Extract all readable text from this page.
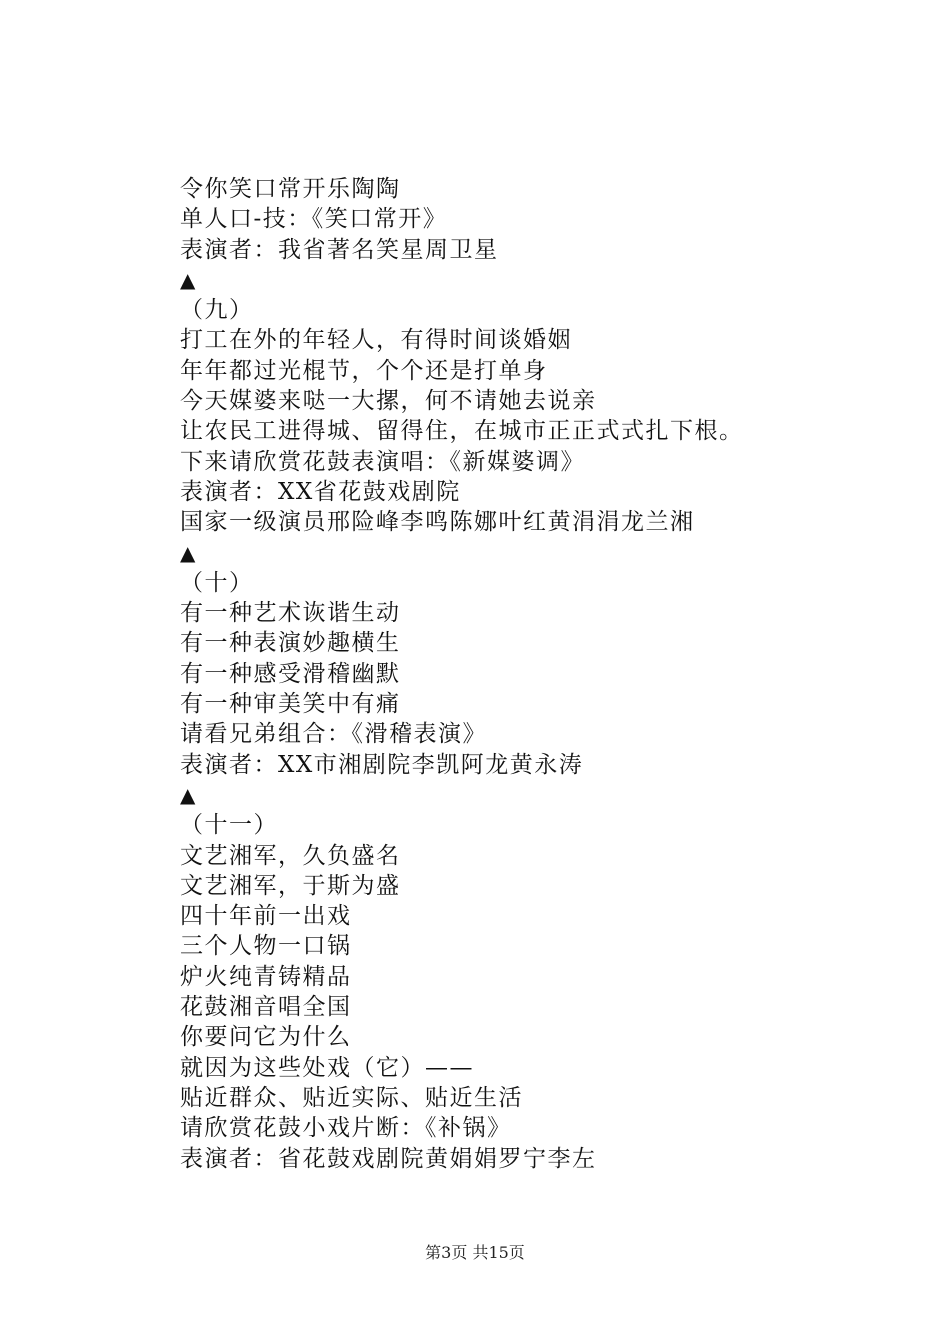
令你笑口常开乐陶陶
单人口-技：《笑口常开》
表演者：我省著名笑星周卫星
▲
（九）
打工在外的年轻人，有得时间谈婚姻
年年都过光棍节，个个还是打单身
今天媒婆来哒一大摞，何不请她去说亲
让农民工进得城、留得住，在城市正正式式扎下根。
下来请欣赏花鼓表演唱：《新媒婆调》
表演者：XX省花鼓戏剧院
国家一级演员邢险峰李鸣陈娜叶红黄涓涓龙兰湘
▲
（十）
有一种艺术诙谐生动
有一种表演妙趣横生
有一种感受滑稽幽默
有一种审美笑中有痛
请看兄弟组合：《滑稽表演》
表演者：XX市湘剧院李凯阿龙黄永涛
▲
（十一）
文艺湘军，久负盛名
文艺湘军，于斯为盛
四十年前一出戏
三个人物一口锅
炉火纯青铸精品
花鼓湘音唱全国
你要问它为什么
就因为这些处戏（它）——
贴近群众、贴近实际、贴近生活
请欣赏花鼓小戏片断：《补锅》
表演者：省花鼓戏剧院黄娟娟罗宁李左
第3页 共15页
